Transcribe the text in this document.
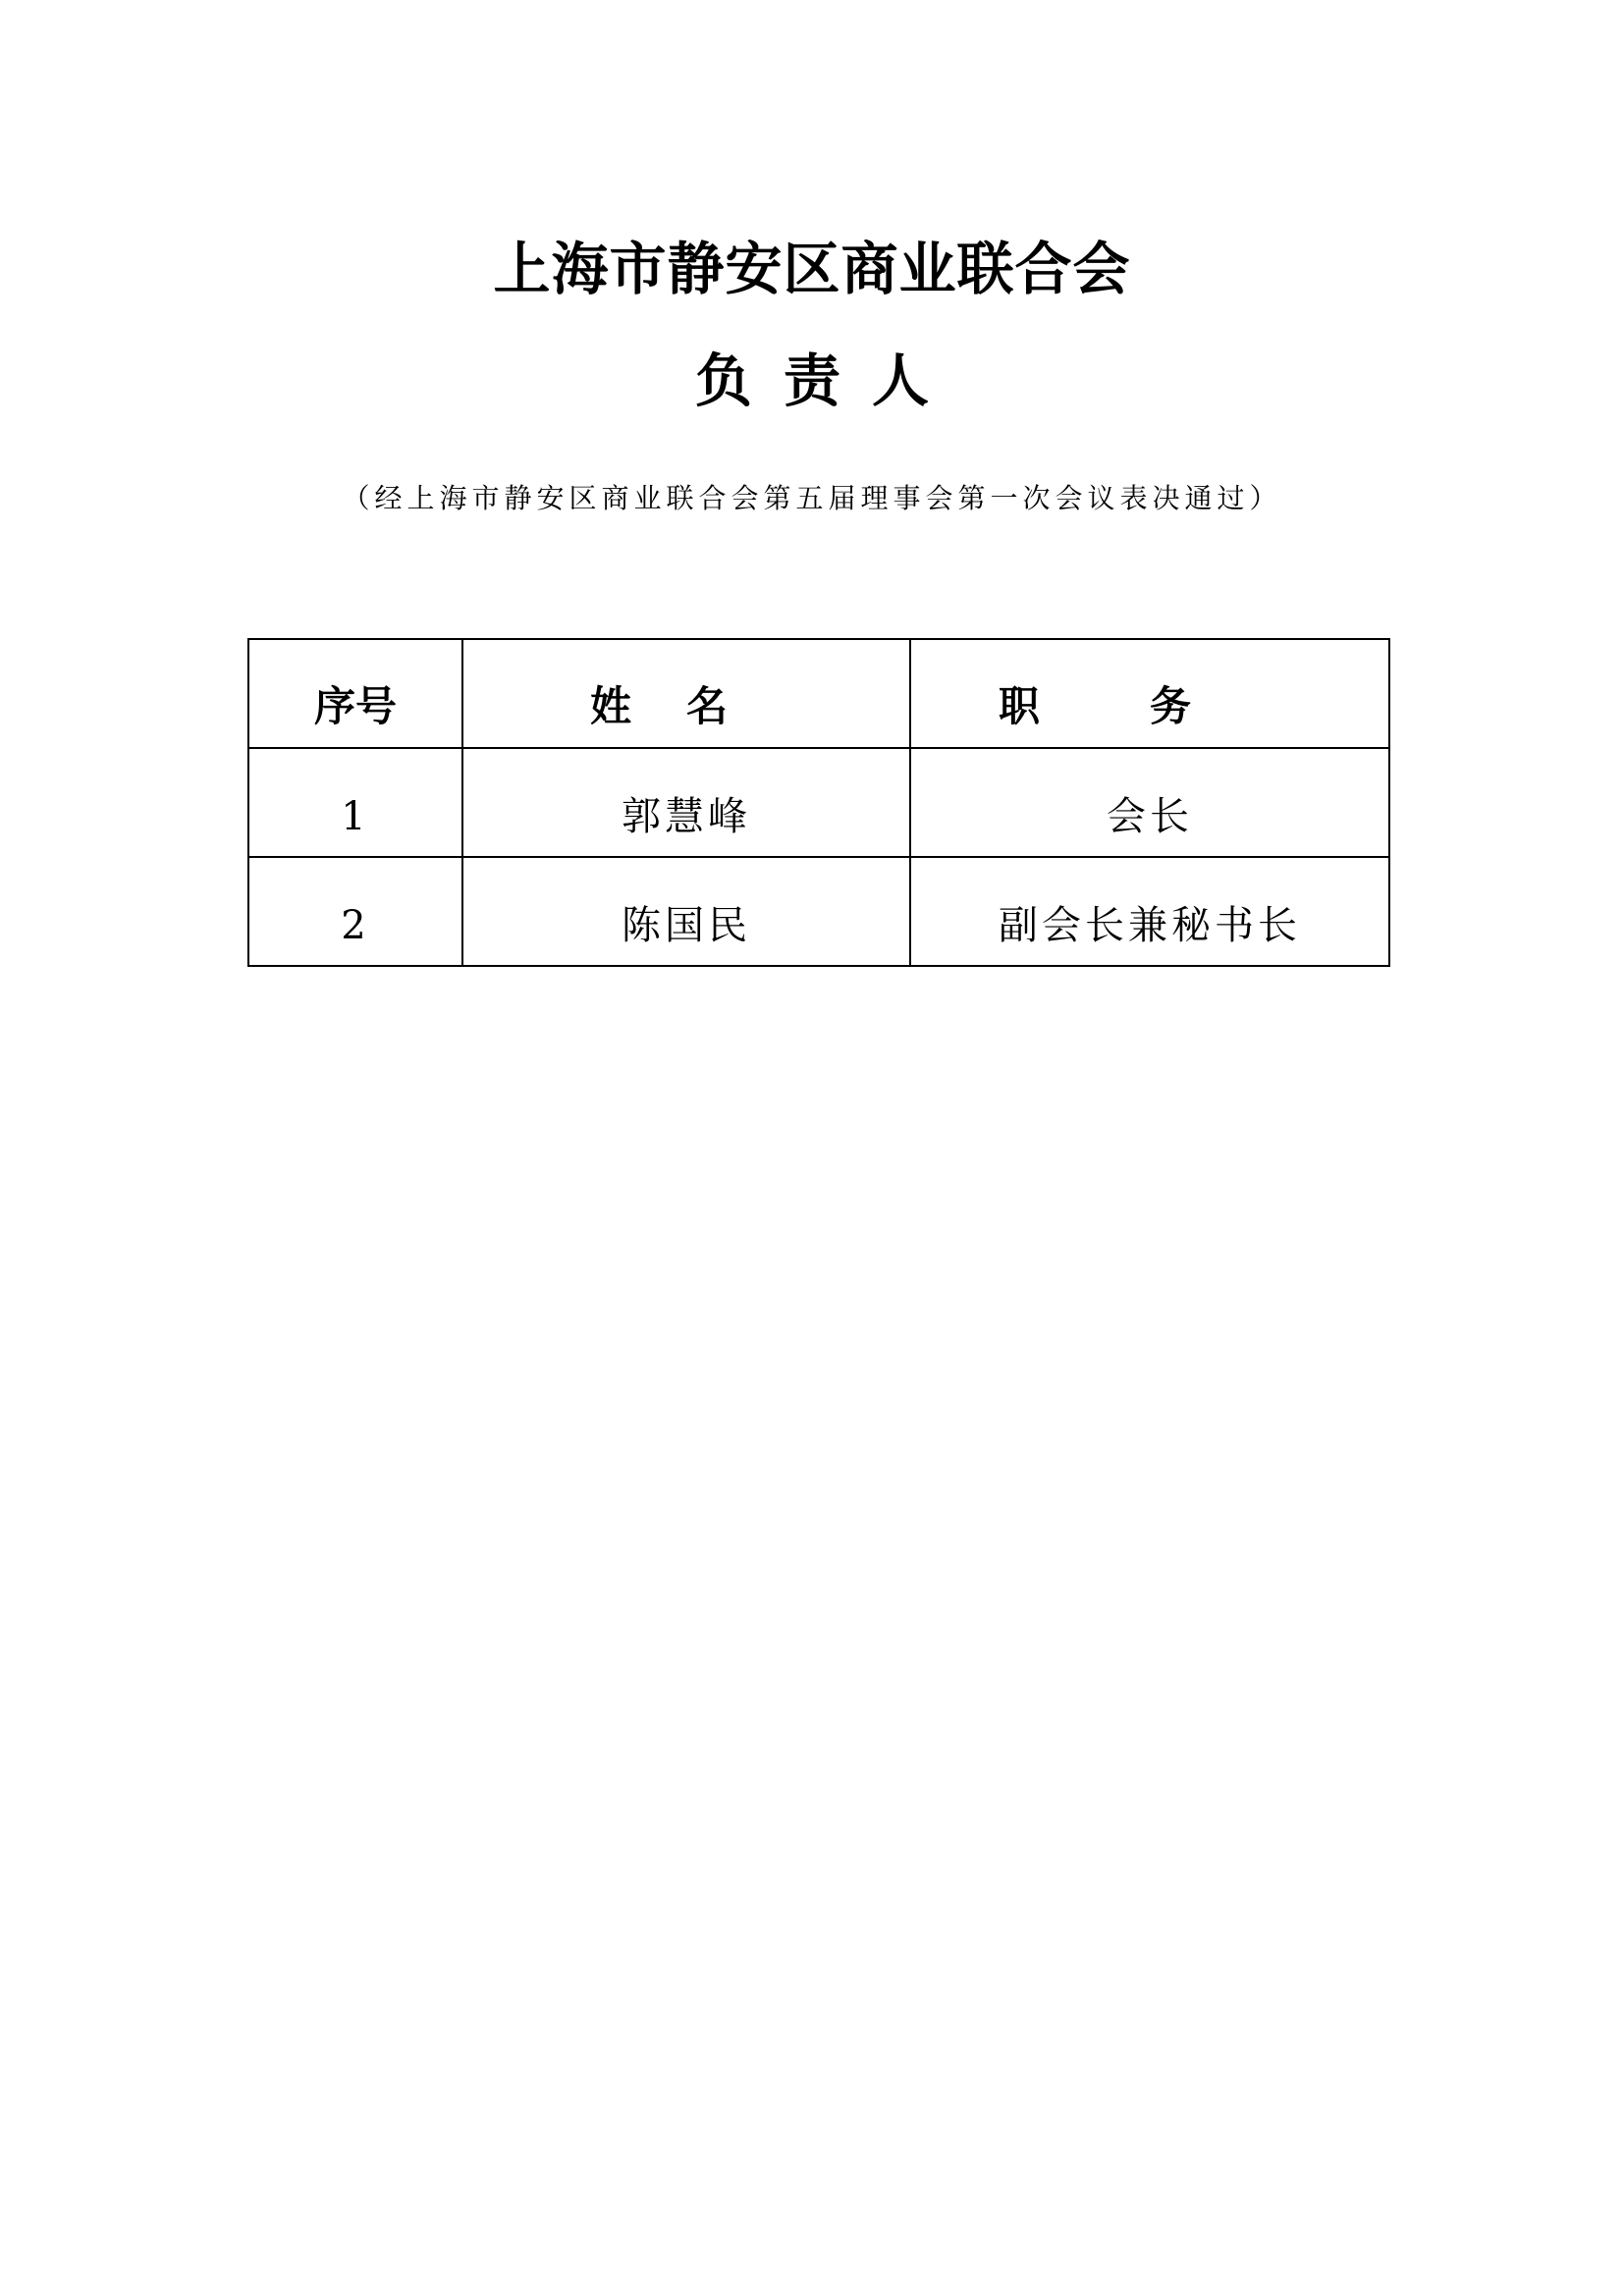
上海市静安区商业联合会
负 责 人
（经上海市静安区商业联合会第五届理事会第一次会议表决通过）
序号	姓名	职务
1	郭慧峰	会长
2	陈国民	副会长兼秘书长
